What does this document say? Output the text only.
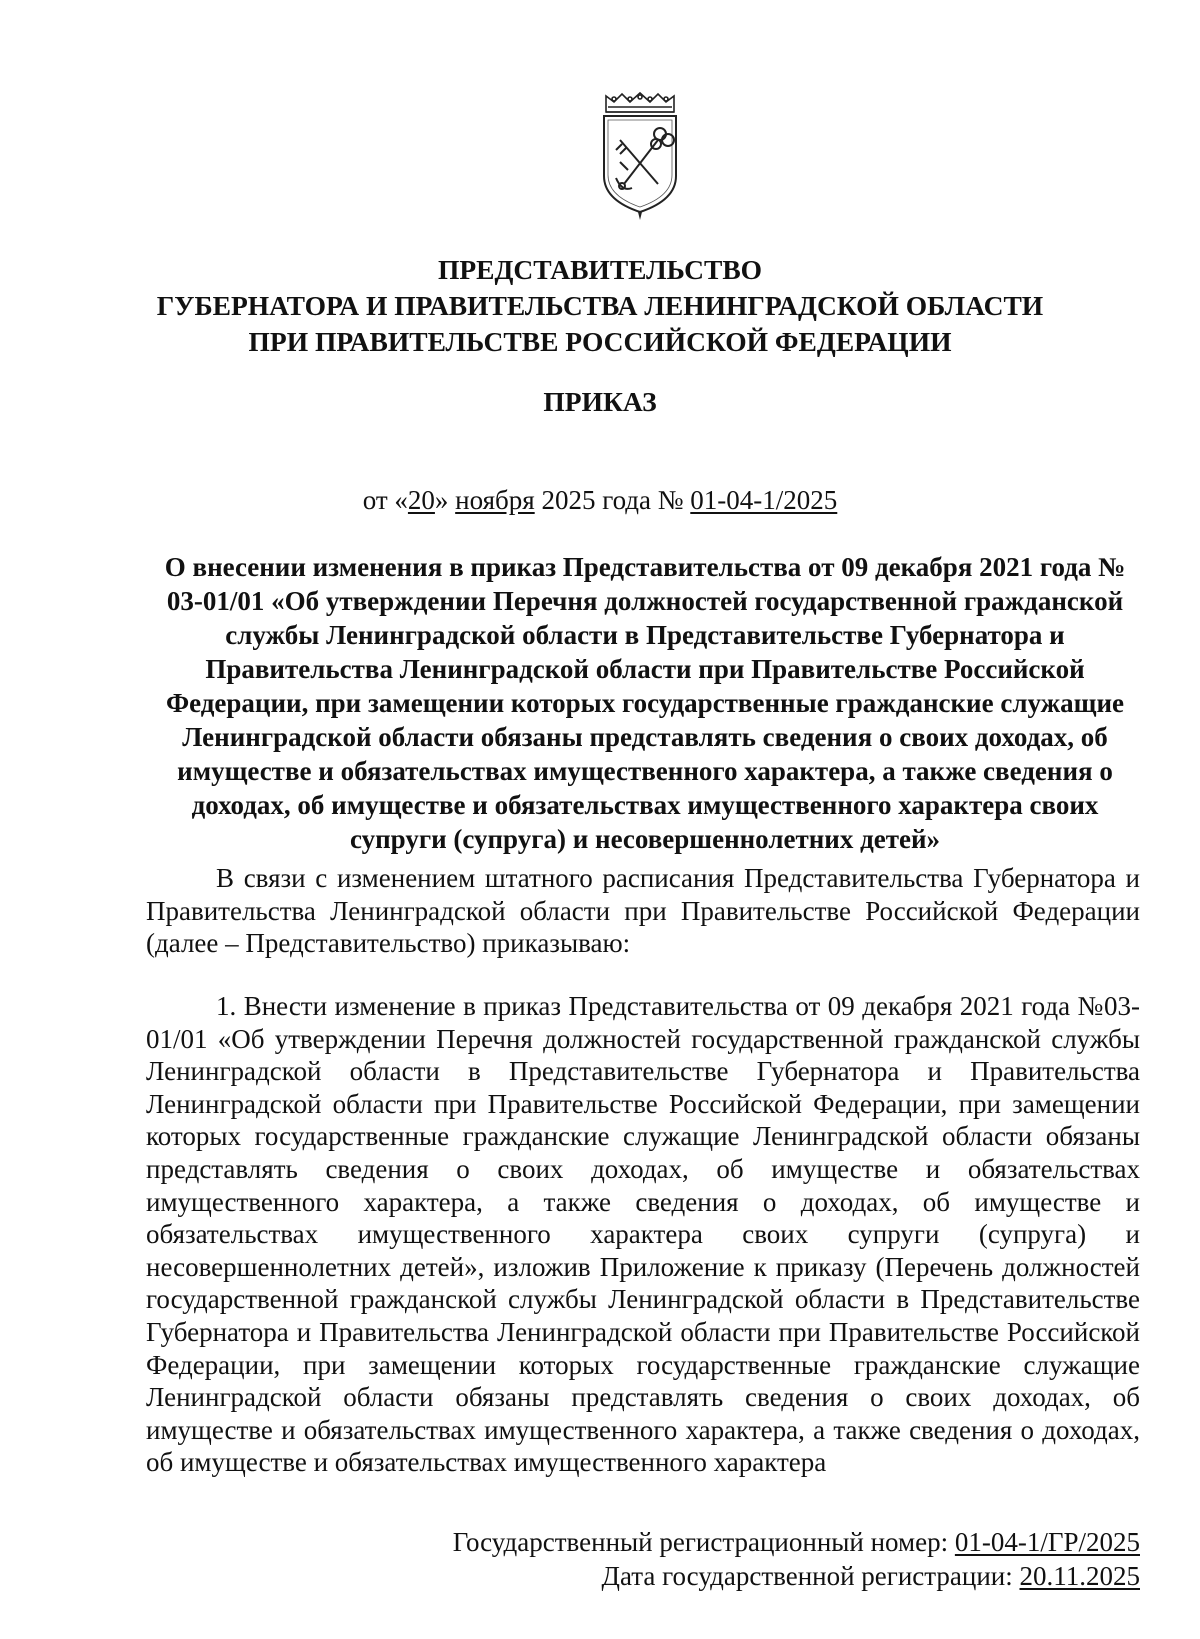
ПРЕДСТАВИТЕЛЬСТВО
ГУБЕРНАТОРА И ПРАВИТЕЛЬСТВА ЛЕНИНГРАДСКОЙ ОБЛАСТИ
ПРИ ПРАВИТЕЛЬСТВЕ РОССИЙСКОЙ ФЕДЕРАЦИИ
ПРИКАЗ
от «20» ноября 2025 года № 01-04-1/2025
О внесении изменения в приказ Представительства от 09 декабря 2021 года № 03-01/01 «Об утверждении Перечня должностей государственной гражданской службы Ленинградской области в Представительстве Губернатора и Правительства Ленинградской области при Правительстве Российской Федерации, при замещении которых государственные гражданские служащие Ленинградской области обязаны представлять сведения о своих доходах, об имуществе и обязательствах имущественного характера, а также сведения о доходах, об имуществе и обязательствах имущественного характера своих супруги (супруга) и несовершеннолетних детей»
В связи с изменением штатного расписания Представительства Губернатора и Правительства Ленинградской области при Правительстве Российской Федерации (далее – Представительство) приказываю:
1. Внести изменение в приказ Представительства от 09 декабря 2021 года №03-01/01 «Об утверждении Перечня должностей государственной гражданской службы Ленинградской области в Представительстве Губернатора и Правительства Ленинградской области при Правительстве Российской Федерации, при замещении которых государственные гражданские служащие Ленинградской области обязаны представлять сведения о своих доходах, об имуществе и обязательствах имущественного характера, а также сведения о доходах, об имуществе и обязательствах имущественного характера своих супруги (супруга) и несовершеннолетних детей», изложив Приложение к приказу (Перечень должностей государственной гражданской службы Ленинградской области в Представительстве Губернатора и Правительства Ленинградской области при Правительстве Российской Федерации, при замещении которых государственные гражданские служащие Ленинградской области обязаны представлять сведения о своих доходах, об имуществе и обязательствах имущественного характера, а также сведения о доходах, об имуществе и обязательствах имущественного характера
Государственный регистрационный номер: 01-04-1/ГР/2025
Дата государственной регистрации: 20.11.2025
